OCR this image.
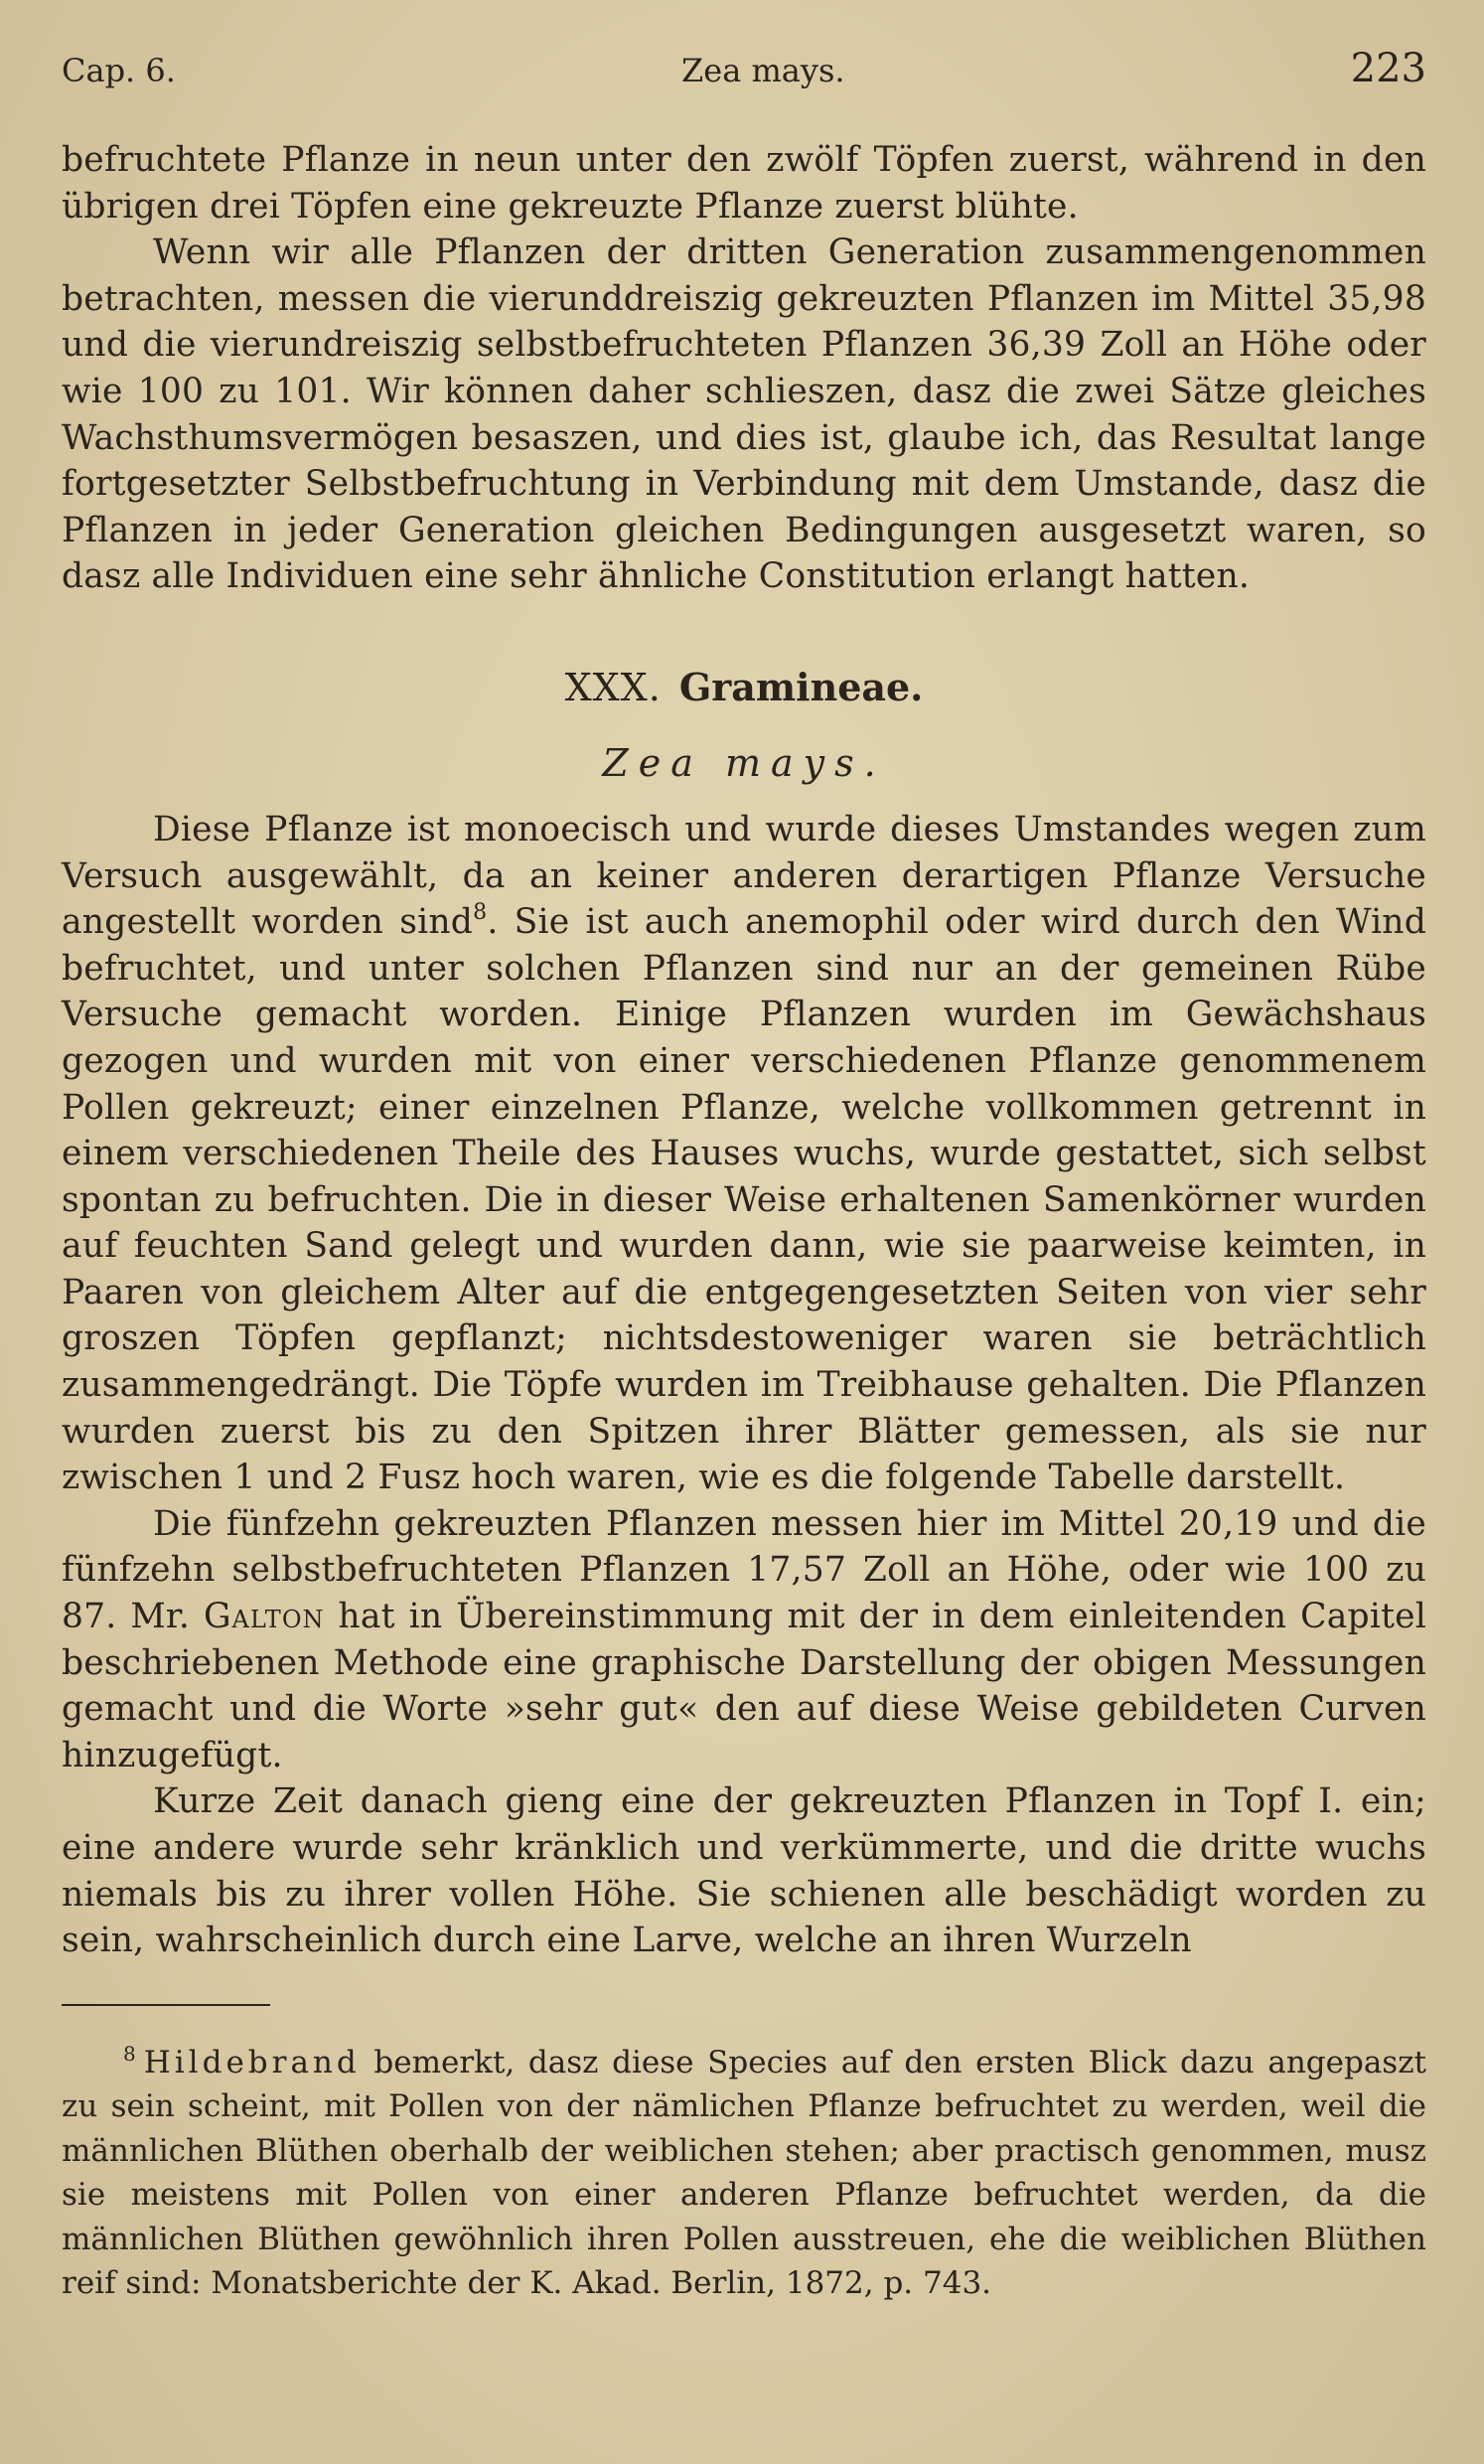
Cap. 6.	Zea mays.	223

befruchtete Pflanze in neun unter den zwölf Töpfen zuerst, während in den übrigen drei Töpfen eine gekreuzte Pflanze zuerst blühte.

Wenn wir alle Pflanzen der dritten Generation zusammengenommen betrachten, messen die vierunddreiszig gekreuzten Pflanzen im Mittel 35,98 und die vierundreiszig selbstbefruchteten Pflanzen 36,39 Zoll an Höhe oder wie 100 zu 101. Wir können daher schlieszen, dasz die zwei Sätze gleiches Wachsthumsvermögen besaszen, und dies ist, glaube ich, das Resultat lange fortgesetzter Selbstbefruchtung in Verbindung mit dem Umstande, dasz die Pflanzen in jeder Generation gleichen Bedingungen ausgesetzt waren, so dasz alle Individuen eine sehr ähnliche Constitution erlangt hatten.

XXX. Gramineae.
Zea mays.

Diese Pflanze ist monoecisch und wurde dieses Umstandes wegen zum Versuch ausgewählt, da an keiner anderen derartigen Pflanze Versuche angestellt worden sind$^8$. Sie ist auch anemophil oder wird durch den Wind befruchtet, und unter solchen Pflanzen sind nur an der gemeinen Rübe Versuche gemacht worden. Einige Pflanzen wurden im Gewächshaus gezogen und wurden mit von einer verschiedenen Pflanze genommenem Pollen gekreuzt; einer einzelnen Pflanze, welche vollkommen getrennt in einem verschiedenen Theile des Hauses wuchs, wurde gestattet, sich selbst spontan zu befruchten. Die in dieser Weise erhaltenen Samenkörner wurden auf feuchten Sand gelegt und wurden dann, wie sie paarweise keimten, in Paaren von gleichem Alter auf die entgegengesetzten Seiten von vier sehr groszen Töpfen gepflanzt; nichtsdestoweniger waren sie beträchtlich zusammengedrängt. Die Töpfe wurden im Treibhause gehalten. Die Pflanzen wurden zuerst bis zu den Spitzen ihrer Blätter gemessen, als sie nur zwischen 1 und 2 Fusz hoch waren, wie es die folgende Tabelle darstellt.

Die fünfzehn gekreuzten Pflanzen messen hier im Mittel 20,19 und die fünfzehn selbstbefruchteten Pflanzen 17,57 Zoll an Höhe, oder wie 100 zu 87. Mr. Galton hat in Übereinstimmung mit der in dem einleitenden Capitel beschriebenen Methode eine graphische Darstellung der obigen Messungen gemacht und die Worte »sehr gut« den auf diese Weise gebildeten Curven hinzugefügt.

Kurze Zeit danach gieng eine der gekreuzten Pflanzen in Topf I. ein; eine andere wurde sehr kränklich und verkümmerte, und die dritte wuchs niemals bis zu ihrer vollen Höhe. Sie schienen alle beschädigt worden zu sein, wahrscheinlich durch eine Larve, welche an ihren Wurzeln

$^8$ Hildebrand bemerkt, dasz diese Species auf den ersten Blick dazu angepaszt zu sein scheint, mit Pollen von der nämlichen Pflanze befruchtet zu werden, weil die männlichen Blüthen oberhalb der weiblichen stehen; aber practisch genommen, musz sie meistens mit Pollen von einer anderen Pflanze befruchtet werden, da die männlichen Blüthen gewöhnlich ihren Pollen ausstreuen, ehe die weiblichen Blüthen reif sind: Monatsberichte der K. Akad. Berlin, 1872, p. 743.
